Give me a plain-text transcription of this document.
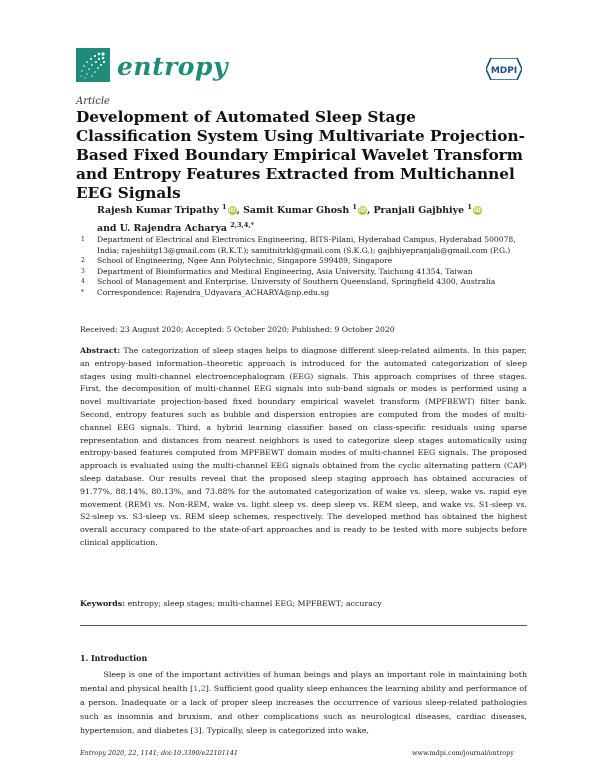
entropy	MDPI
Article
Development of Automated Sleep Stage Classification System Using Multivariate Projection-Based Fixed Boundary Empirical Wavelet Transform and Entropy Features Extracted from Multichannel EEG Signals
Rajesh Kumar Tripathy $^1$ iD, Samit Kumar Ghosh $^1$ iD, Pranjali Gajbhiye $^1$ iD
and U. Rajendra Acharya $^{2,3,4,*}$
1	Department of Electrical and Electronics Engineering, BITS-Pilani, Hyderabad Campus, Hyderabad 500078, India; rajeshiitg13@gmail.com (R.K.T.); samitnitrkl@gmail.com (S.K.G.); gajbhiyepranjali@gmail.com (P.G.)
2	School of Engineering, Ngee Ann Polytechnic, Singapore 599489, Singapore
3	Department of Bioinformatics and Medical Engineering, Asia University, Taichung 41354, Taiwan
4	School of Management and Enterprise, University of Southern Queensland, Springfield 4300, Australia
*	Correspondence: Rajendra_Udyavara_ACHARYA@np.edu.sg
Received: 23 August 2020; Accepted: 5 October 2020; Published: 9 October 2020
Abstract: The categorization of sleep stages helps to diagnose different sleep-related ailments. In this paper, an entropy-based information–theoretic approach is introduced for the automated categorization of sleep stages using multi-channel electroencephalogram (EEG) signals. This approach comprises of three stages. First, the decomposition of multi-channel EEG signals into sub-band signals or modes is performed using a novel multivariate projection-based fixed boundary empirical wavelet transform (MPFBEWT) filter bank. Second, entropy features such as bubble and dispersion entropies are computed from the modes of multi-channel EEG signals. Third, a hybrid learning classifier based on class-specific residuals using sparse representation and distances from nearest neighbors is used to categorize sleep stages automatically using entropy-based features computed from MPFBEWT domain modes of multi-channel EEG signals. The proposed approach is evaluated using the multi-channel EEG signals obtained from the cyclic alternating pattern (CAP) sleep database. Our results reveal that the proposed sleep staging approach has obtained accuracies of 91.77%, 88.14%, 80.13%, and 73.88% for the automated categorization of wake vs. sleep, wake vs. rapid eye movement (REM) vs. Non-REM, wake vs. light sleep vs. deep sleep vs. REM sleep, and wake vs. S1-sleep vs. S2-sleep vs. S3-sleep vs. REM sleep schemes, respectively. The developed method has obtained the highest overall accuracy compared to the state-of-art approaches and is ready to be tested with more subjects before clinical application.
Keywords: entropy; sleep stages; multi-channel EEG; MPFBEWT; accuracy
1. Introduction
Sleep is one of the important activities of human beings and plays an important role in maintaining both mental and physical health [1,2]. Sufficient good quality sleep enhances the learning ability and performance of a person. Inadequate or a lack of proper sleep increases the occurrence of various sleep-related pathologies such as insomnia and bruxism, and other complications such as neurological diseases, cardiac diseases, hypertension, and diabetes [3]. Typically, sleep is categorized into wake,
Entropy 2020, 22, 1141; doi:10.3390/e22101141	www.mdpi.com/journal/entropy
